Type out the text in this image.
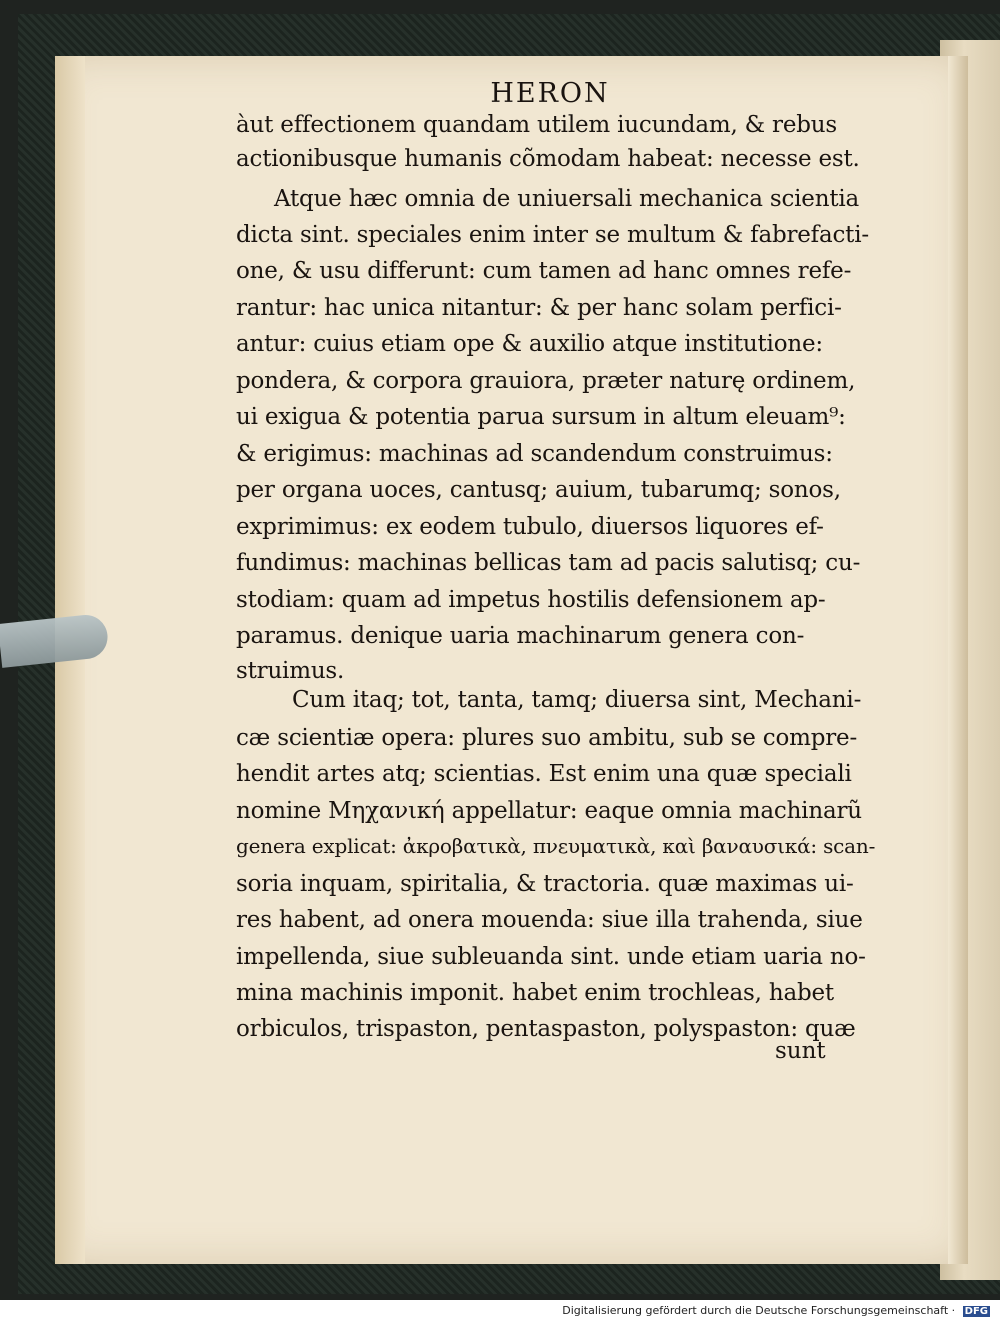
HERON
àut effectionem quandam utilem iucundam, & rebus
actionibusque humanis cõmodam habeat: necesse est.
Atque hæc omnia de uniuersali mechanica scientia
dicta sint. speciales enim inter se multum & fabrefacti-
one, & usu differunt: cum tamen ad hanc omnes refe-
rantur: hac unica nitantur: & per hanc solam perfici-
antur: cuius etiam ope & auxilio atque institutione:
pondera, & corpora grauiora, præter naturę ordinem,
ui exigua & potentia parua sursum in altum eleuam⁹:
& erigimus: machinas ad scandendum construimus:
per organa uoces, cantusq; auium, tubarumq; sonos,
exprimimus: ex eodem tubulo, diuersos liquores ef-
fundimus: machinas bellicas tam ad pacis salutisq; cu-
stodiam: quam ad impetus hostilis defensionem ap-
paramus. denique uaria machinarum genera con-
struimus.
Cum itaq; tot, tanta, tamq; diuersa sint, Mechani-
cæ scientiæ opera: plures suo ambitu, sub se compre-
hendit artes atq; scientias. Est enim una quæ speciali
nomine Μηχανική appellatur: eaque omnia machinarũ
genera explicat: ἀκροβατικὰ, πνευματικὰ, καὶ βαναυσικά: scan-
soria inquam, spiritalia, & tractoria. quæ maximas ui-
res habent, ad onera mouenda: siue illa trahenda, siue
impellenda, siue subleuanda sint. unde etiam uaria no-
mina machinis imponit. habet enim trochleas, habet
orbiculos, trispaston, pentaspaston, polyspaston: quæ
sunt
Digitalisierung gefördert durch die Deutsche Forschungsgemeinschaft · DFG
